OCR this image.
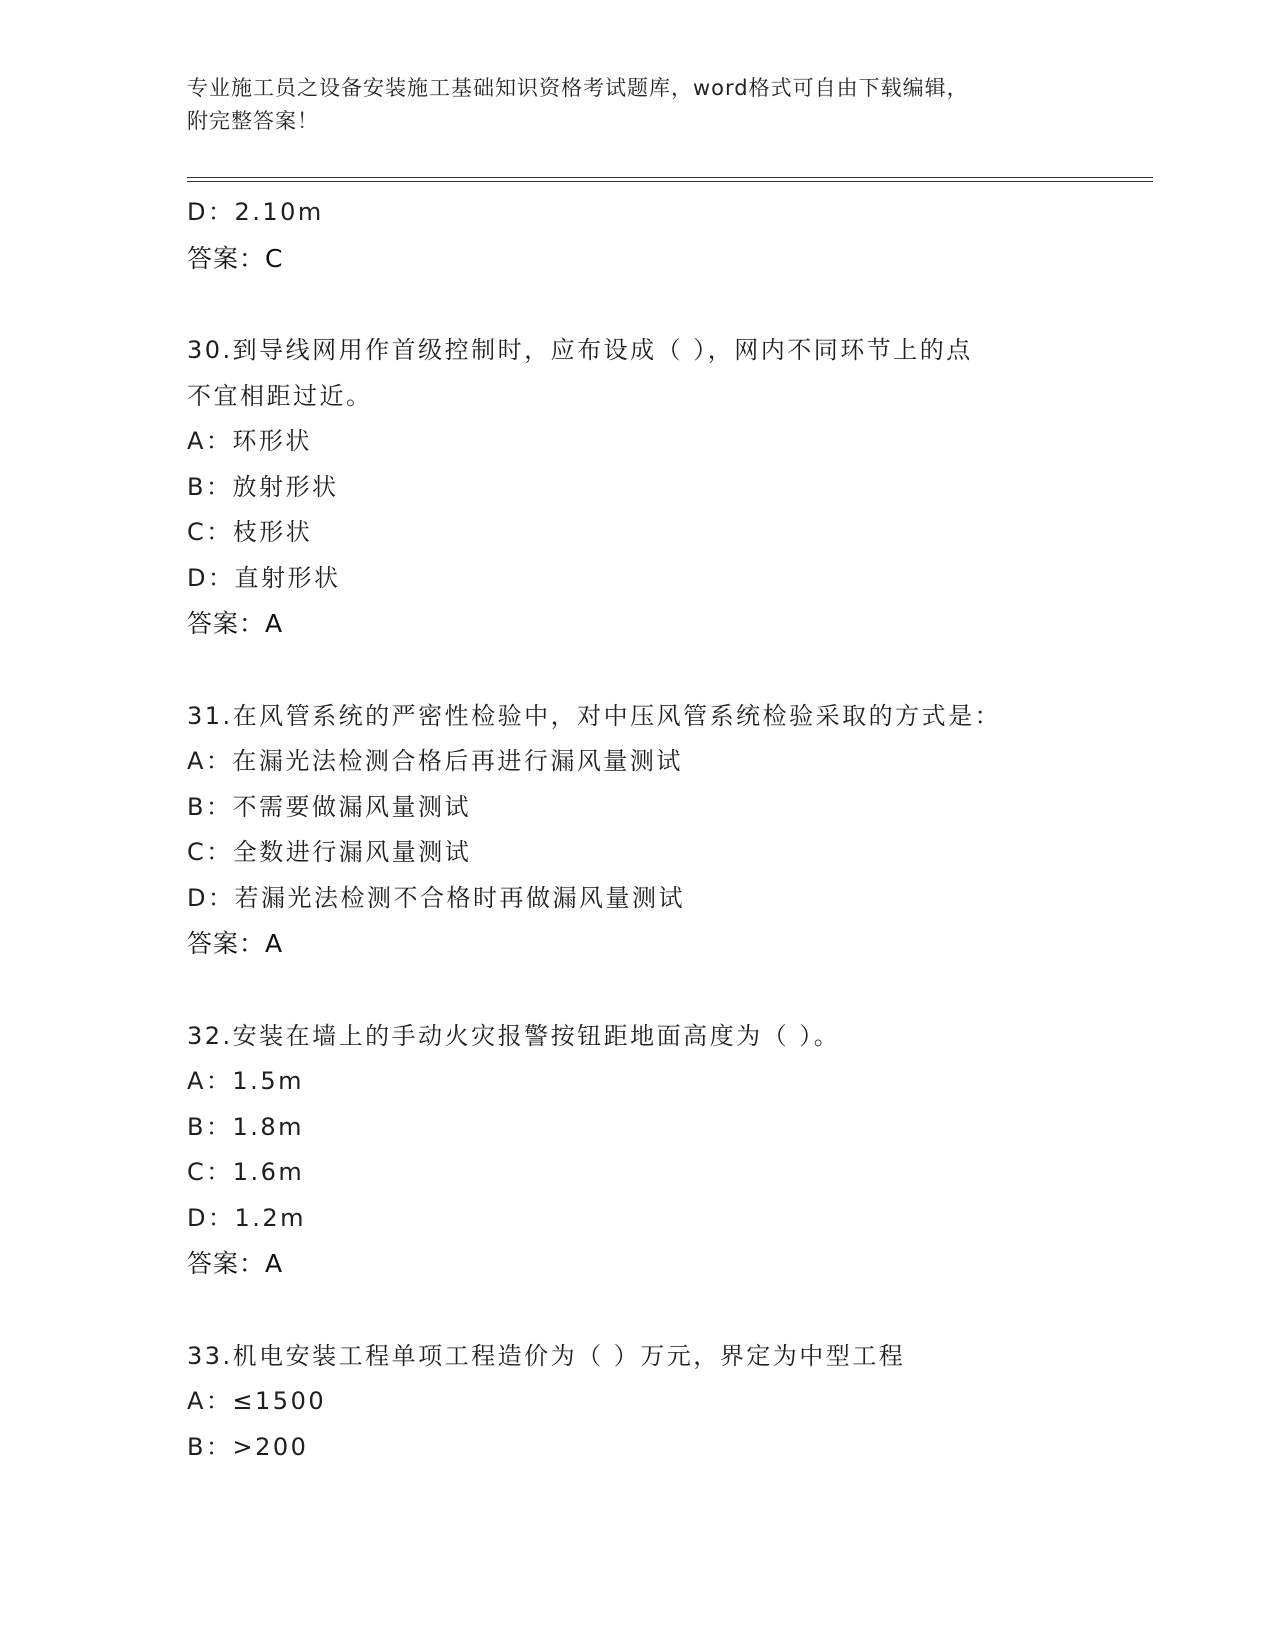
专业施工员之设备安装施工基础知识资格考试题库，word格式可自由下载编辑，
附完整答案！
D：2.10m
答案：C
30.到导线网用作首级控制时，应布设成（ ），网内不同环节上的点
不宜相距过近。
A：环形状
B：放射形状
C：枝形状
D：直射形状
答案：A
31.在风管系统的严密性检验中，对中压风管系统检验采取的方式是：
A：在漏光法检测合格后再进行漏风量测试
B：不需要做漏风量测试
C：全数进行漏风量测试
D：若漏光法检测不合格时再做漏风量测试
答案：A
32.安装在墙上的手动火灾报警按钮距地面高度为（ ）。
A：1.5m
B：1.8m
C：1.6m
D：1.2m
答案：A
33.机电安装工程单项工程造价为（ ）万元，界定为中型工程
A：≤1500
B：>200
